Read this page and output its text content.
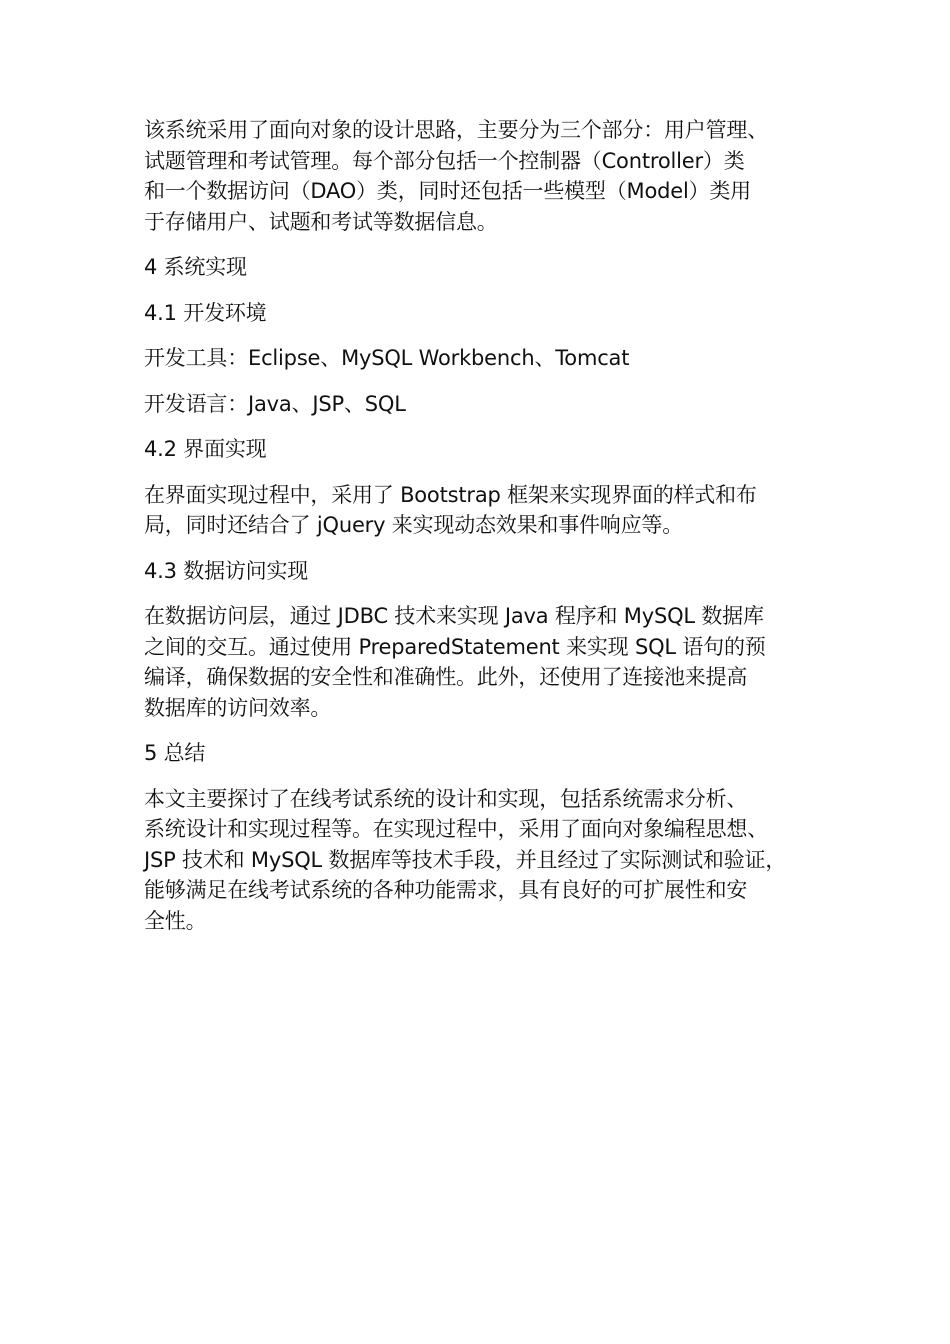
该系统采用了面向对象的设计思路，主要分为三个部分：用户管理、
试题管理和考试管理。每个部分包括一个控制器（Controller）类
和一个数据访问（DAO）类，同时还包括一些模型（Model）类用
于存储用户、试题和考试等数据信息。

4 系统实现

4.1 开发环境

开发工具：Eclipse、MySQL Workbench、Tomcat

开发语言：Java、JSP、SQL

4.2 界面实现

在界面实现过程中，采用了 Bootstrap 框架来实现界面的样式和布
局，同时还结合了 jQuery 来实现动态效果和事件响应等。

4.3 数据访问实现

在数据访问层，通过 JDBC 技术来实现 Java 程序和 MySQL 数据库
之间的交互。通过使用 PreparedStatement 来实现 SQL 语句的预
编译，确保数据的安全性和准确性。此外，还使用了连接池来提高
数据库的访问效率。

5 总结

本文主要探讨了在线考试系统的设计和实现，包括系统需求分析、
系统设计和实现过程等。在实现过程中，采用了面向对象编程思想、
JSP 技术和 MySQL 数据库等技术手段，并且经过了实际测试和验证，
能够满足在线考试系统的各种功能需求，具有良好的可扩展性和安
全性。
